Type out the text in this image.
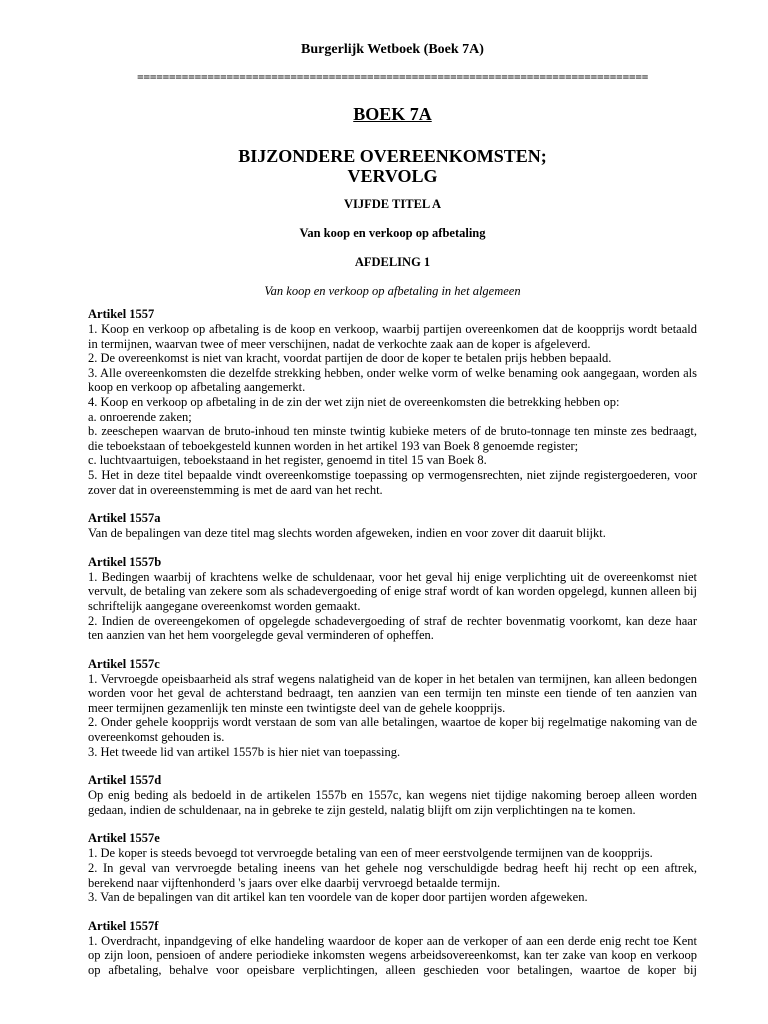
Burgerlijk Wetboek (Boek 7A)
================================================================================
BOEK 7A
BIJZONDERE OVEREENKOMSTEN;
VERVOLG
VIJFDE TITEL A
Van koop en verkoop op afbetaling
AFDELING 1
Van koop en verkoop op afbetaling in het algemeen
Artikel 1557
1. Koop en verkoop op afbetaling is de koop en verkoop, waarbij partijen overeenkomen dat de koopprijs wordt betaald
in termijnen, waarvan twee of meer verschijnen, nadat de verkochte zaak aan de koper is afgeleverd.
2. De overeenkomst is niet van kracht, voordat partijen de door de koper te betalen prijs hebben bepaald.
3. Alle overeenkomsten die dezelfde strekking hebben, onder welke vorm of welke benaming ook aangegaan, worden als
koop en verkoop op afbetaling aangemerkt.
4. Koop en verkoop op afbetaling in de zin der wet zijn niet de overeenkomsten die betrekking hebben op:
a. onroerende zaken;
b. zeeschepen waarvan de bruto-inhoud ten minste twintig kubieke meters of de bruto-tonnage ten minste zes bedraagt,
die teboekstaan of teboekgesteld kunnen worden in het artikel 193 van Boek 8 genoemde register;
c. luchtvaartuigen, teboekstaand in het register, genoemd in titel 15 van Boek 8.
5. Het in deze titel bepaalde vindt overeenkomstige toepassing op vermogensrechten, niet zijnde registergoederen, voor
zover dat in overeenstemming is met de aard van het recht.
Artikel 1557a
Van de bepalingen van deze titel mag slechts worden afgeweken, indien en voor zover dit daaruit blijkt.
Artikel 1557b
1. Bedingen waarbij of krachtens welke de schuldenaar, voor het geval hij enige verplichting uit de overeenkomst niet
vervult, de betaling van zekere som als schadevergoeding of enige straf wordt of kan worden opgelegd, kunnen alleen bij
schriftelijk aangegane overeenkomst worden gemaakt.
2. Indien de overeengekomen of opgelegde schadevergoeding of straf de rechter bovenmatig voorkomt, kan deze haar
ten aanzien van het hem voorgelegde geval verminderen of opheffen.
Artikel 1557c
1. Vervroegde opeisbaarheid als straf wegens nalatigheid van de koper in het betalen van termijnen, kan alleen bedongen
worden voor het geval de achterstand bedraagt, ten aanzien van een termijn ten minste een tiende of ten aanzien van
meer termijnen gezamenlijk ten minste een twintigste deel van de gehele koopprijs.
2. Onder gehele koopprijs wordt verstaan de som van alle betalingen, waartoe de koper bij regelmatige nakoming van de
overeenkomst gehouden is.
3. Het tweede lid van artikel 1557b is hier niet van toepassing.
Artikel 1557d
Op enig beding als bedoeld in de artikelen 1557b en 1557c, kan wegens niet tijdige nakoming beroep alleen worden
gedaan, indien de schuldenaar, na in gebreke te zijn gesteld, nalatig blijft om zijn verplichtingen na te komen.
Artikel 1557e
1. De koper is steeds bevoegd tot vervroegde betaling van een of meer eerstvolgende termijnen van de koopprijs.
2. In geval van vervroegde betaling ineens van het gehele nog verschuldigde bedrag heeft hij recht op een aftrek,
berekend naar vijftenhonderd 's jaars over elke daarbij vervroegd betaalde termijn.
3. Van de bepalingen van dit artikel kan ten voordele van de koper door partijen worden afgeweken.
Artikel 1557f
1. Overdracht, inpandgeving of elke handeling waardoor de koper aan de verkoper of aan een derde enig recht toe Kent
op zijn loon, pensioen of andere periodieke inkomsten wegens arbeidsovereenkomst, kan ter zake van koop en verkoop
op afbetaling, behalve voor opeisbare verplichtingen, alleen geschieden voor betalingen, waartoe de koper bij
